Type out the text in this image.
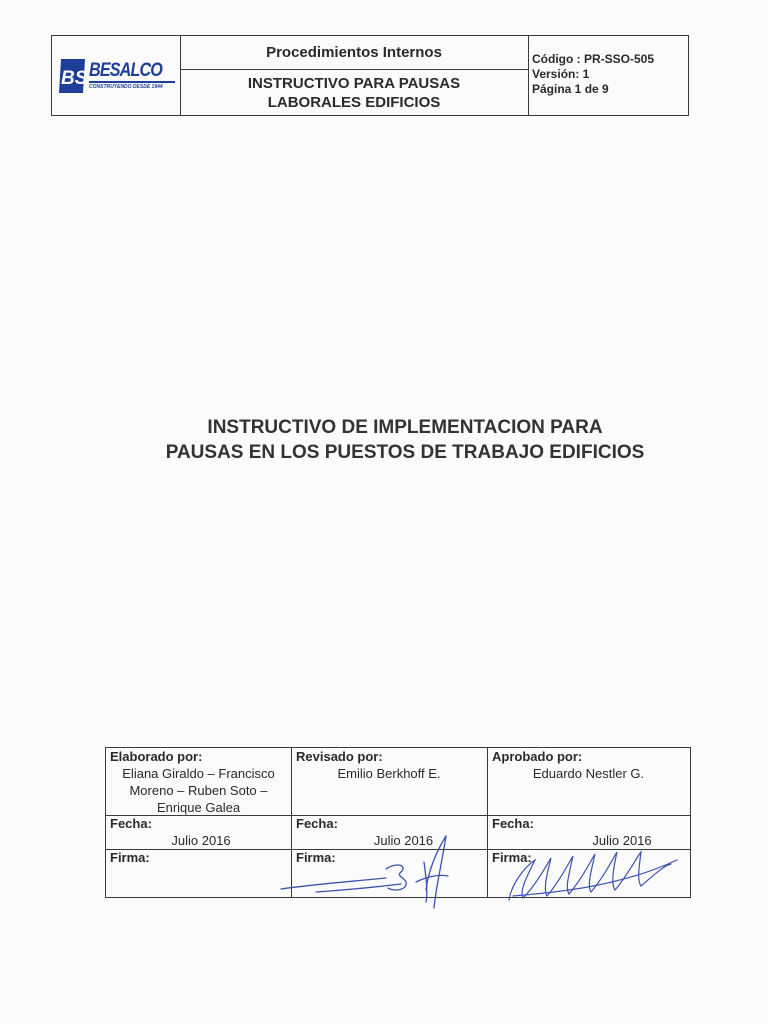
BS BESALCO
CONSTRUYENDO DESDE 1944
Procedimientos Internos
INSTRUCTIVO PARA PAUSAS
LABORALES EDIFICIOS
Código : PR-SSO-505
Versión: 1
Página 1 de 9
INSTRUCTIVO DE IMPLEMENTACION PARA
PAUSAS EN LOS PUESTOS DE TRABAJO EDIFICIOS
Elaborado por:
Eliana Giraldo – Francisco
Moreno – Ruben Soto –
Enrique Galea
Fecha:
Julio 2016
Firma:
Revisado por:
Emilio Berkhoff E.
Fecha:
Julio 2016
Firma:
Aprobado por:
Eduardo Nestler G.
Fecha:
Julio 2016
Firma:
